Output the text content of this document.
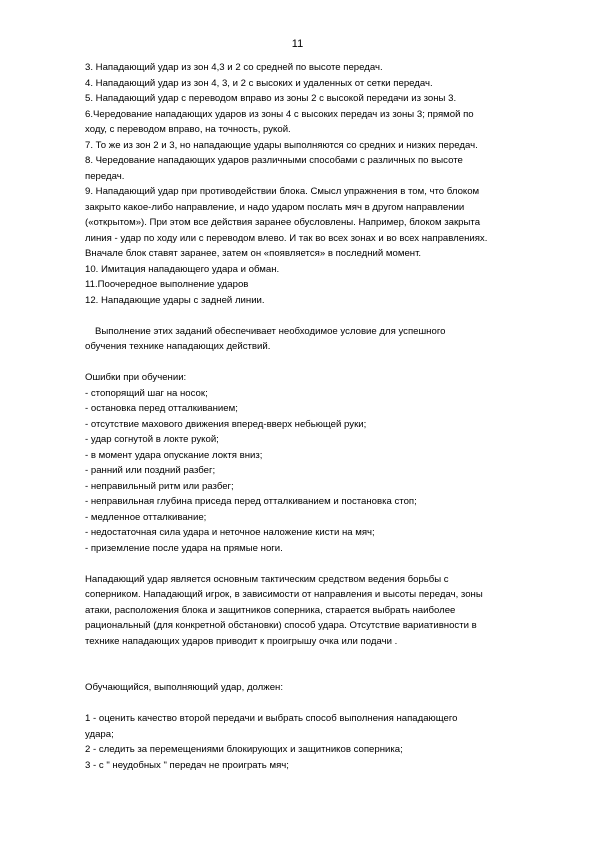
11
3. Нападающий удар из зон 4,3 и 2 со средней по высоте передач.
4. Нападающий удар из зон 4, 3, и 2 с высоких и удаленных от сетки передач.
5. Нападающий удар с переводом вправо из зоны 2 с высокой передачи из зоны 3.
6.Чередование нападающих ударов из зоны 4 с высоких передач из зоны 3; прямой по
ходу, с переводом вправо, на точность, рукой.
7. То же из зон 2 и 3, но нападающие удары выполняются со средних и низких передач.
8. Чередование нападающих ударов различными способами с различных по высоте
передач.
9. Нападающий удар при противодействии блока. Смысл упражнения в том, что блоком
закрыто какое-либо направление, и надо ударом послать мяч в другом направлении
(«открытом»). При этом все действия заранее обусловлены. Например, блоком закрыта
линия - удар по ходу или с переводом влево. И так во всех зонах и во всех направлениях.
Вначале блок ставят заранее, затем он «появляется» в последний момент.
10. Имитация нападающего удара и обман.
11.Поочередное выполнение ударов
12. Нападающие удары с задней линии.
Выполнение этих заданий обеспечивает необходимое условие для успешного
обучения технике нападающих действий.
Ошибки при обучении:
- стопорящий шаг на носок;
- остановка перед отталкиванием;
- отсутствие махового движения вперед-вверх небьющей руки;
- удар согнутой в локте рукой;
- в момент удара опускание локтя вниз;
- ранний или поздний разбег;
- неправильный ритм или разбег;
- неправильная глубина приседа перед отталкиванием и постановка стоп;
- медленное отталкивание;
- недостаточная сила удара и неточное наложение кисти на мяч;
- приземление после удара на прямые ноги.
Нападающий удар является основным тактическим средством ведения борьбы с
соперником. Нападающий игрок, в зависимости от направления и высоты передач, зоны
атаки, расположения блока и защитников соперника, старается выбрать наиболее
рациональный (для конкретной обстановки) способ удара. Отсутствие вариативности в
технике нападающих ударов приводит к проигрышу очка или подачи .
Обучающийся, выполняющий удар, должен:
1 - оценить качество второй передачи и выбрать способ выполнения нападающего
удара;
2 - следить за перемещениями блокирующих и защитников соперника;
3 - с " неудобных " передач не проиграть мяч;
